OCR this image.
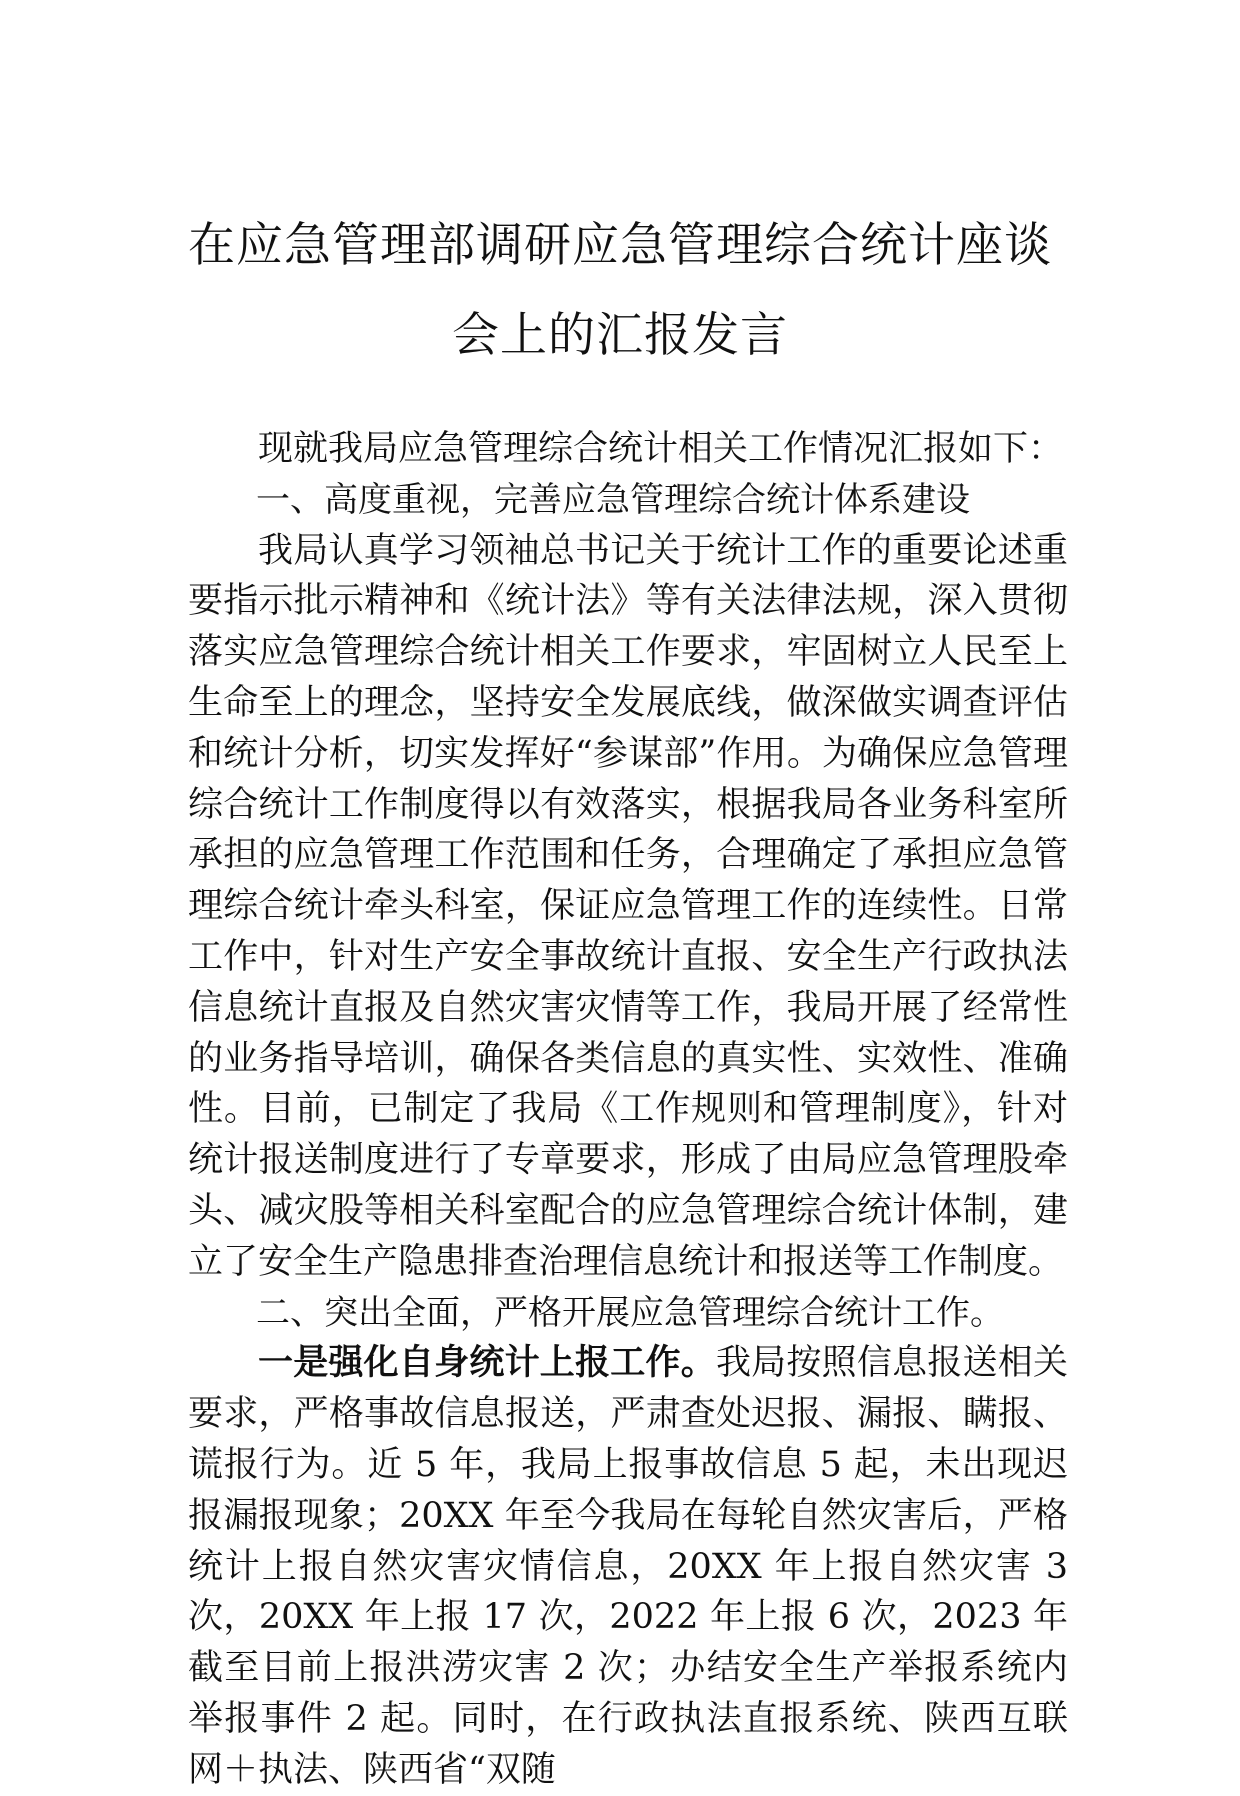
在应急管理部调研应急管理综合统计座谈
会上的汇报发言

现就我局应急管理综合统计相关工作情况汇报如下：

一、高度重视，完善应急管理综合统计体系建设

我局认真学习领袖总书记关于统计工作的重要论述重要指示批示精神和《统计法》等有关法律法规，深入贯彻落实应急管理综合统计相关工作要求，牢固树立人民至上生命至上的理念，坚持安全发展底线，做深做实调查评估和统计分析，切实发挥好“参谋部”作用。为确保应急管理综合统计工作制度得以有效落实，根据我局各业务科室所承担的应急管理工作范围和任务，合理确定了承担应急管理综合统计牵头科室，保证应急管理工作的连续性。日常工作中，针对生产安全事故统计直报、安全生产行政执法信息统计直报及自然灾害灾情等工作，我局开展了经常性的业务指导培训，确保各类信息的真实性、实效性、准确性。目前，已制定了我局《工作规则和管理制度》，针对统计报送制度进行了专章要求，形成了由局应急管理股牵头、减灾股等相关科室配合的应急管理综合统计体制，建立了安全生产隐患排查治理信息统计和报送等工作制度。

二、突出全面，严格开展应急管理综合统计工作。

一是强化自身统计上报工作。我局按照信息报送相关要求，严格事故信息报送，严肃查处迟报、漏报、瞒报、谎报行为。近 5 年，我局上报事故信息 5 起，未出现迟报漏报现象；20XX 年至今我局在每轮自然灾害后，严格统计上报自然灾害灾情信息，20XX 年上报自然灾害 3 次，20XX 年上报 17 次，2022 年上报 6 次，2023 年截至目前上报洪涝灾害 2 次；办结安全生产举报系统内举报事件 2 起。同时，在行政执法直报系统、陕西互联网＋执法、陕西省“双随
